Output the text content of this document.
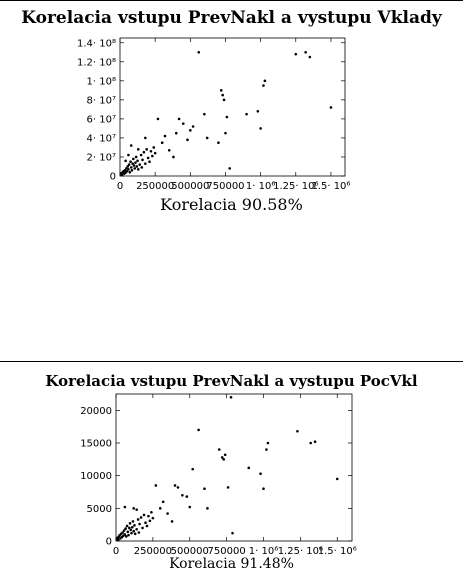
Korelacia vstupu PrevNakl a vystupu Vklady
0 250000
500000
750000 1· 10⁶
1.25· 10⁶
1.5· 10⁶
0
2· 10⁷
4· 10⁷
6· 10⁷
8· 10⁷
1· 10⁸
1.2· 10⁸
1.4· 10⁸

Korelacia 90.58%

Korelacia vstupu PrevNakl a vystupu PocVkl
0 250000
500000
750000 1· 10⁶ 1.25· 10⁶
1.5· 10⁶
0
5000
10000
15000
20000

Korelacia 91.48%
